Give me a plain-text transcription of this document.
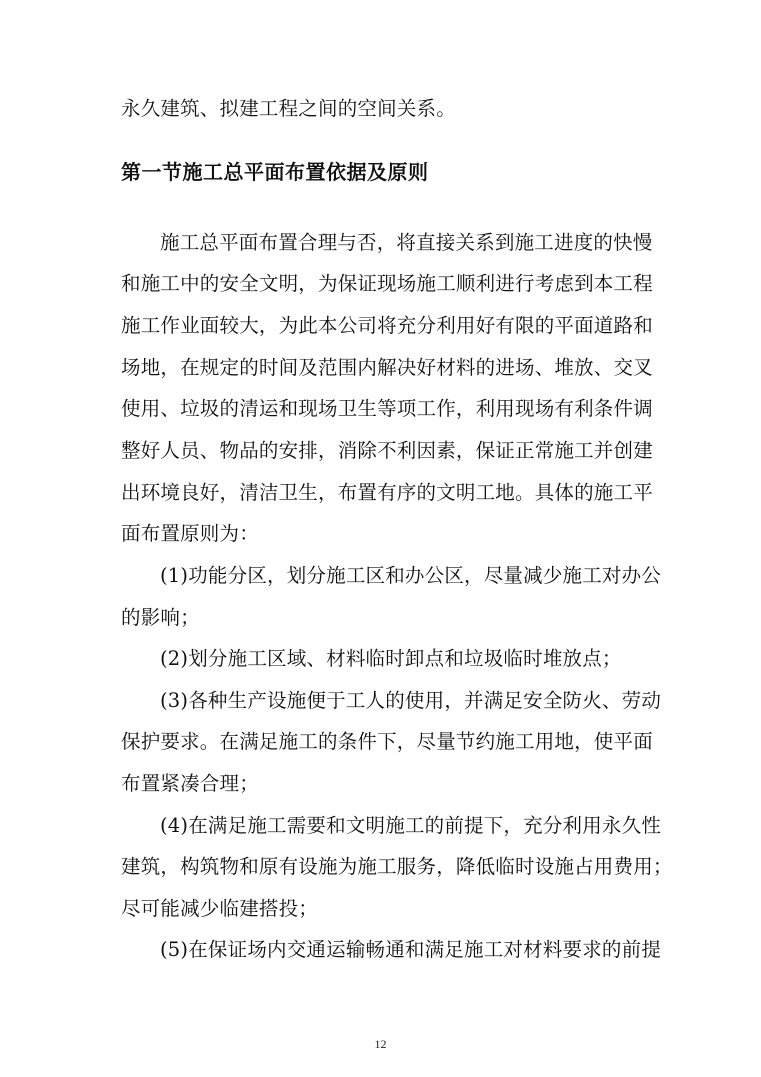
永久建筑、拟建工程之间的空间关系。
第一节施工总平面布置依据及原则
施工总平面布置合理与否，将直接关系到施工进度的快慢
和施工中的安全文明，为保证现场施工顺利进行考虑到本工程
施工作业面较大，为此本公司将充分利用好有限的平面道路和
场地，在规定的时间及范围内解决好材料的进场、堆放、交叉
使用、垃圾的清运和现场卫生等项工作，利用现场有利条件调
整好人员、物品的安排，消除不利因素，保证正常施工并创建
出环境良好，清洁卫生，布置有序的文明工地。具体的施工平
面布置原则为：
(1)功能分区，划分施工区和办公区，尽量减少施工对办公
的影响；
(2)划分施工区域、材料临时卸点和垃圾临时堆放点；
(3)各种生产设施便于工人的使用，并满足安全防火、劳动
保护要求。在满足施工的条件下，尽量节约施工用地，使平面
布置紧凑合理；
(4)在满足施工需要和文明施工的前提下，充分利用永久性
建筑，构筑物和原有设施为施工服务，降低临时设施占用费用；
尽可能减少临建搭投；
(5)在保证场内交通运输畅通和满足施工对材料要求的前提
12
